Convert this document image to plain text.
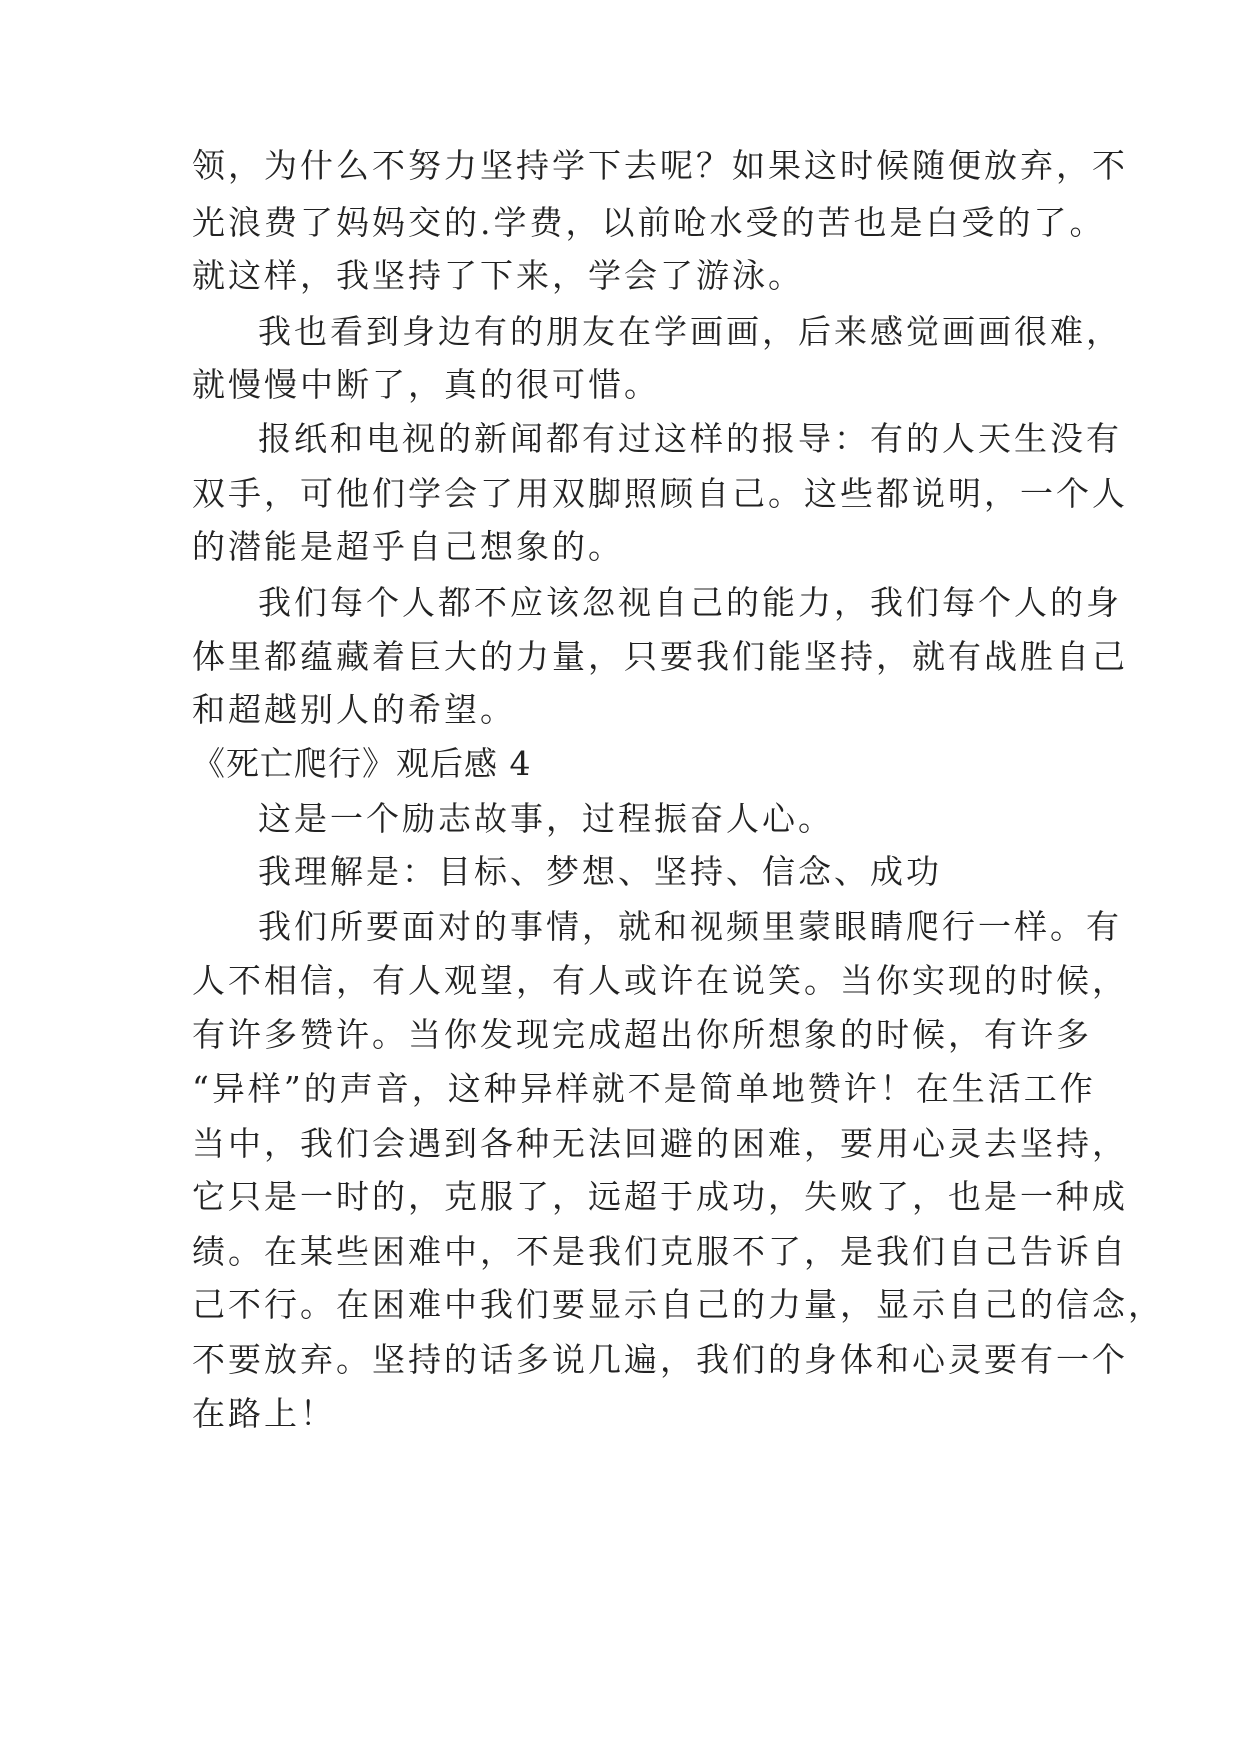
领，为什么不努力坚持学下去呢？如果这时候随便放弃，不
光浪费了妈妈交的.学费，以前呛水受的苦也是白受的了。
就这样，我坚持了下来，学会了游泳。
我也看到身边有的朋友在学画画，后来感觉画画很难，
就慢慢中断了，真的很可惜。
报纸和电视的新闻都有过这样的报导：有的人天生没有
双手，可他们学会了用双脚照顾自己。这些都说明，一个人
的潜能是超乎自己想象的。
我们每个人都不应该忽视自己的能力，我们每个人的身
体里都蕴藏着巨大的力量，只要我们能坚持，就有战胜自己
和超越别人的希望。
《死亡爬行》观后感 4
这是一个励志故事，过程振奋人心。
我理解是：目标、梦想、坚持、信念、成功
我们所要面对的事情，就和视频里蒙眼睛爬行一样。有
人不相信，有人观望，有人或许在说笑。当你实现的时候，
有许多赞许。当你发现完成超出你所想象的时候，有许多
“异样”的声音，这种异样就不是简单地赞许！在生活工作
当中，我们会遇到各种无法回避的困难，要用心灵去坚持，
它只是一时的，克服了，远超于成功，失败了，也是一种成
绩。在某些困难中，不是我们克服不了，是我们自己告诉自
己不行。在困难中我们要显示自己的力量，显示自己的信念，
不要放弃。坚持的话多说几遍，我们的身体和心灵要有一个
在路上！
